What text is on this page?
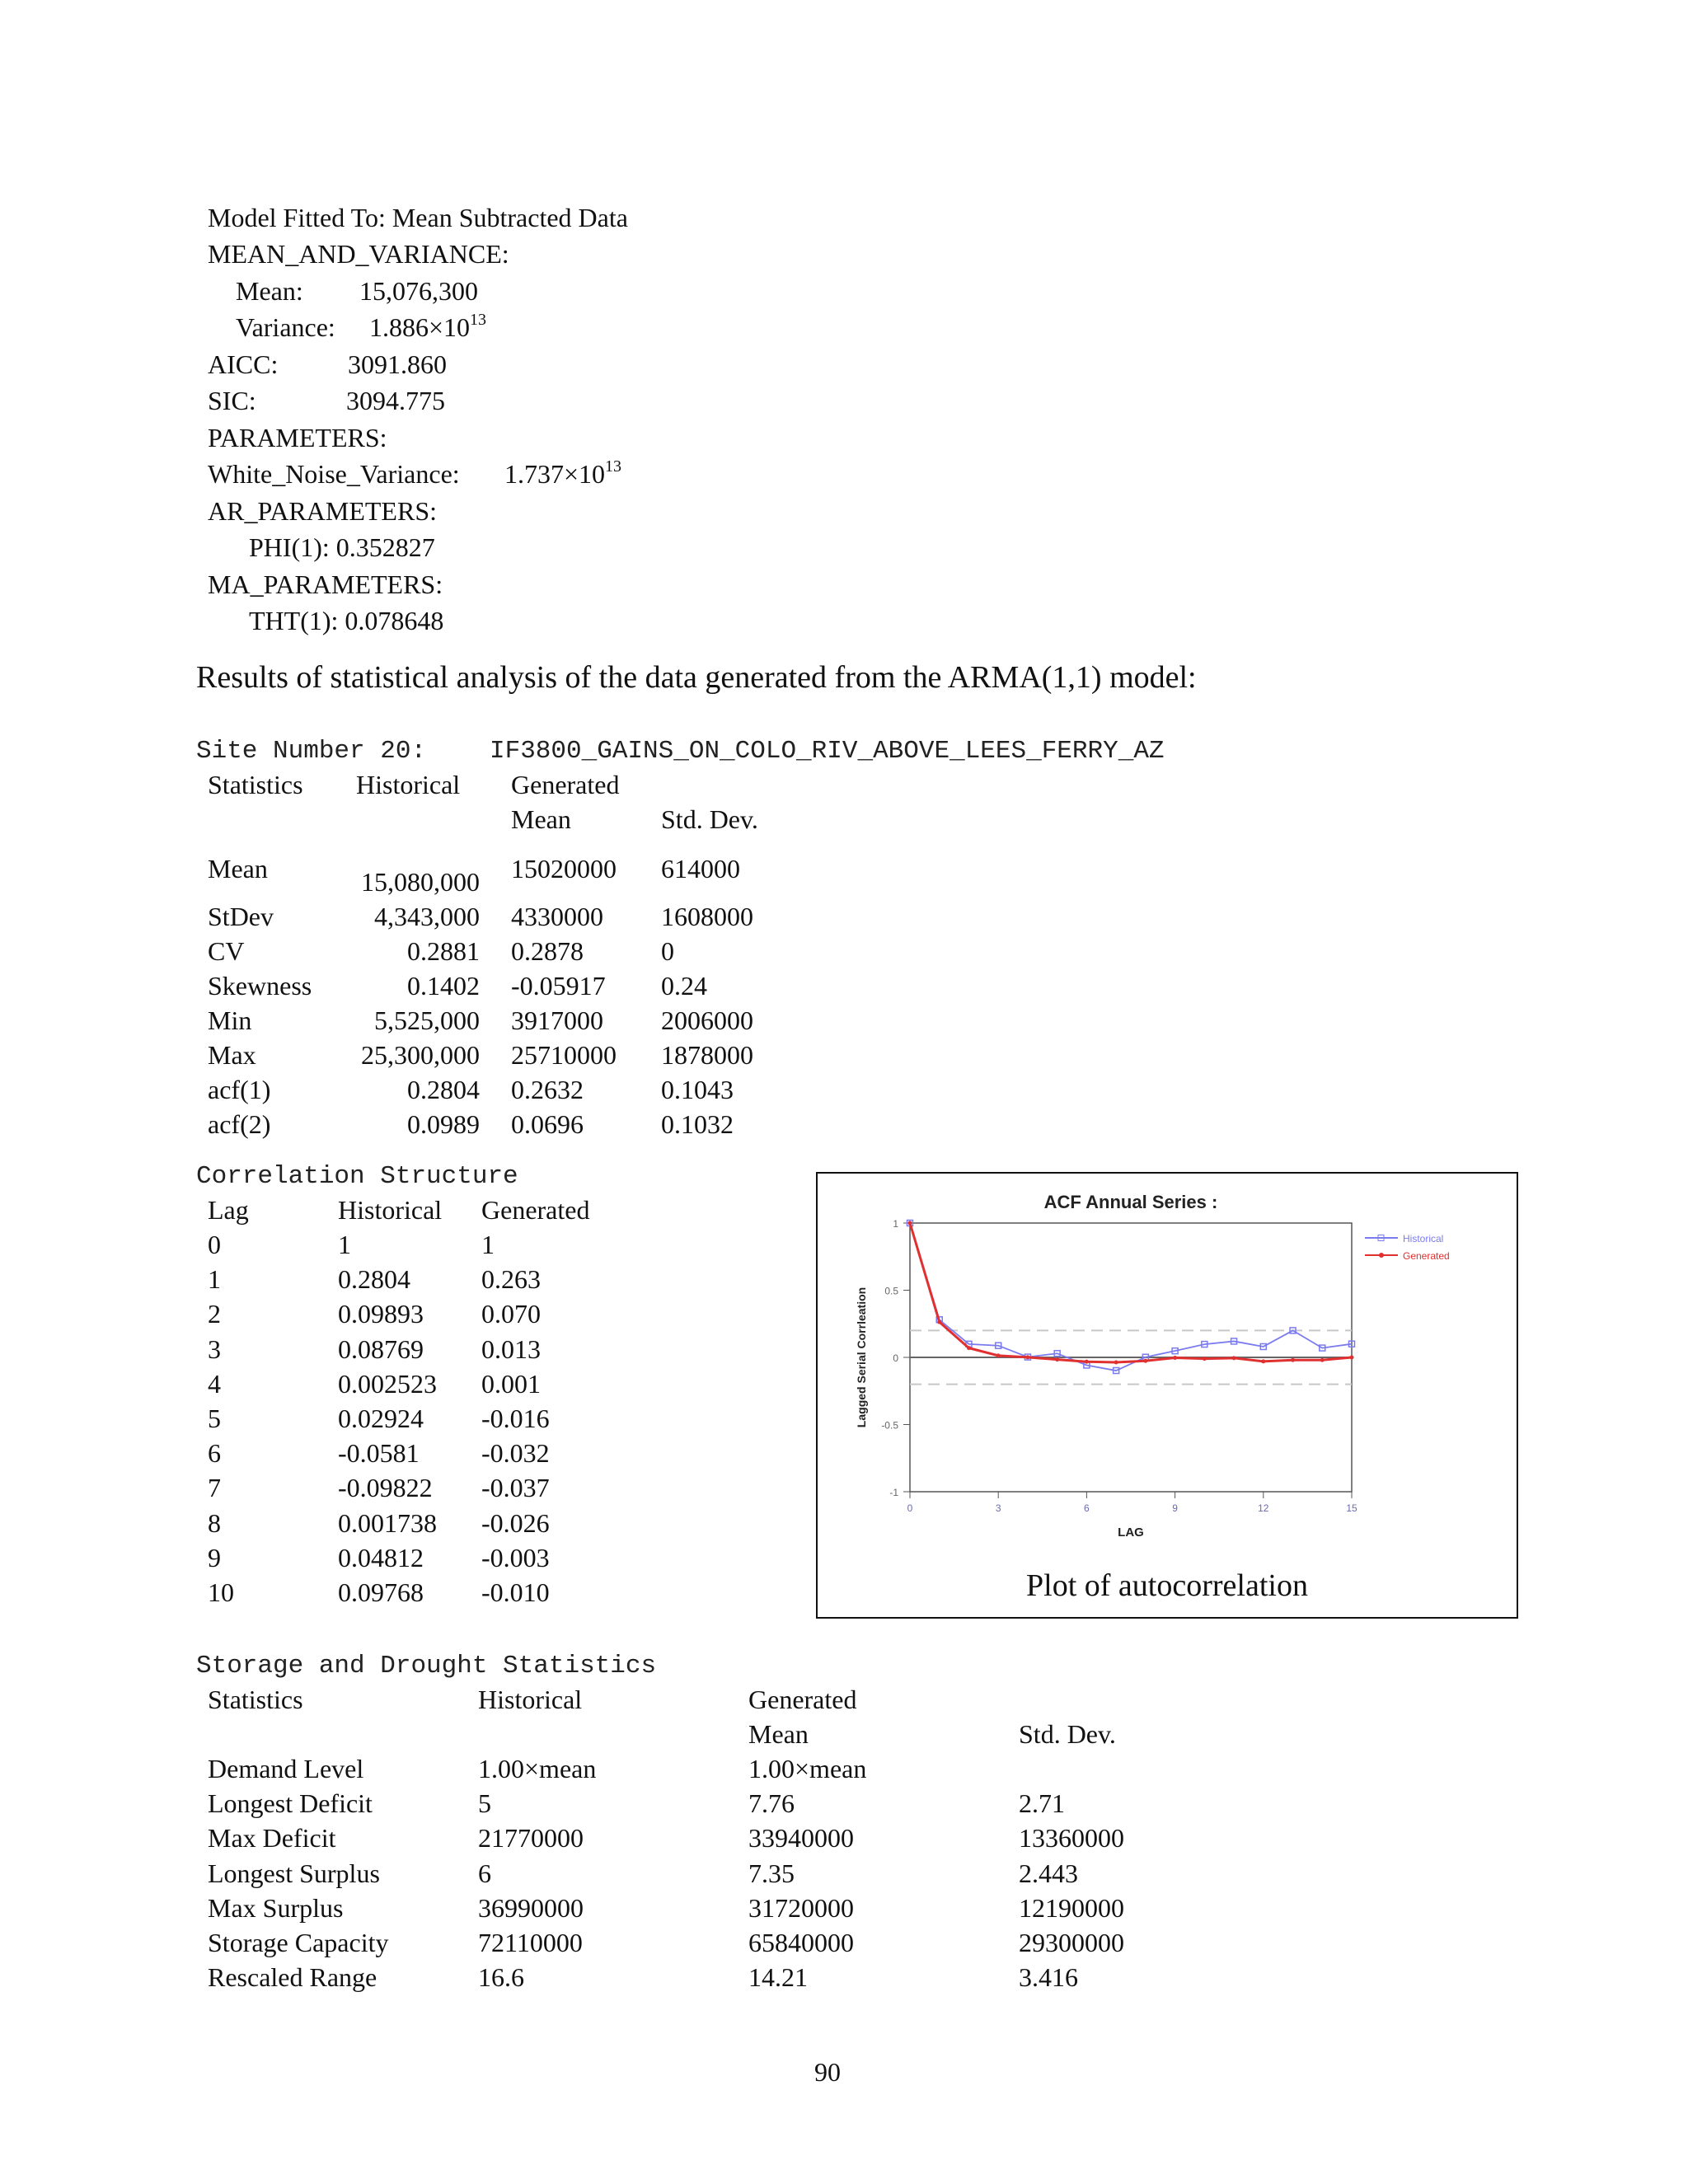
Model Fitted To: Mean Subtracted Data
MEAN_AND_VARIANCE:
Mean: 15,076,300
Variance: $1.886\times 10^{13}$
AICC:	3091.860
SIC:	3094.775
PARAMETERS:
White_Noise_Variance: $1.737\times 10^{13}$
AR_PARAMETERS:
PHI(1): 0.352827
MA_PARAMETERS:
THT(1): 0.078648
Results of statistical analysis of the data generated from the ARMA(1,1) model:
Site Number 20: IF3800_GAINS_ON_COLO_RIV_ABOVE_LEES_FERRY_AZ
Statistics Historical Generated
Mean	Std. Dev.
Mean	15,080,000 15020000 614000
StDev	4,343,000 4330000 1608000
CV	0.2881 0.2878	0
Skewness	0.1402 -0.05917 0.24
Min	5,525,000 3917000 2006000
Max	25,300,000 25710000 1878000
acf(1)	0.2804 0.2632	0.1043
acf(2)	0.0989 0.0696	0.1032
Correlation Structure
Lag	Historical Generated
0	1	1
1	0.2804	0.263
2	0.09893 0.070
3	0.08769 0.013
4	0.002523 0.001
5	0.02924 -0.016
6	-0.0581 -0.032
7	-0.09822 -0.037
8	0.001738 -0.026
9	0.04812 -0.003
10	0.09768 -0.010
ACF Annual Series :
-1
-0.5
0
0.5
1
0	3	6	9	12	15
LAG
Lagged Serial Corrleation
Historical
Generated
Plot of autocorrelation
Storage and Drought Statistics
Statistics	Historical	Generated
Mean	Std. Dev.
Demand Level	1.00×mean	1.00×mean
Longest Deficit	5	7.76	2.71
Max Deficit	21770000	33940000	13360000
Longest Surplus	6	7.35	2.443
Max Surplus	36990000	31720000	12190000
Storage Capacity	72110000	65840000	29300000
Rescaled Range	16.6	14.21	3.416
90
